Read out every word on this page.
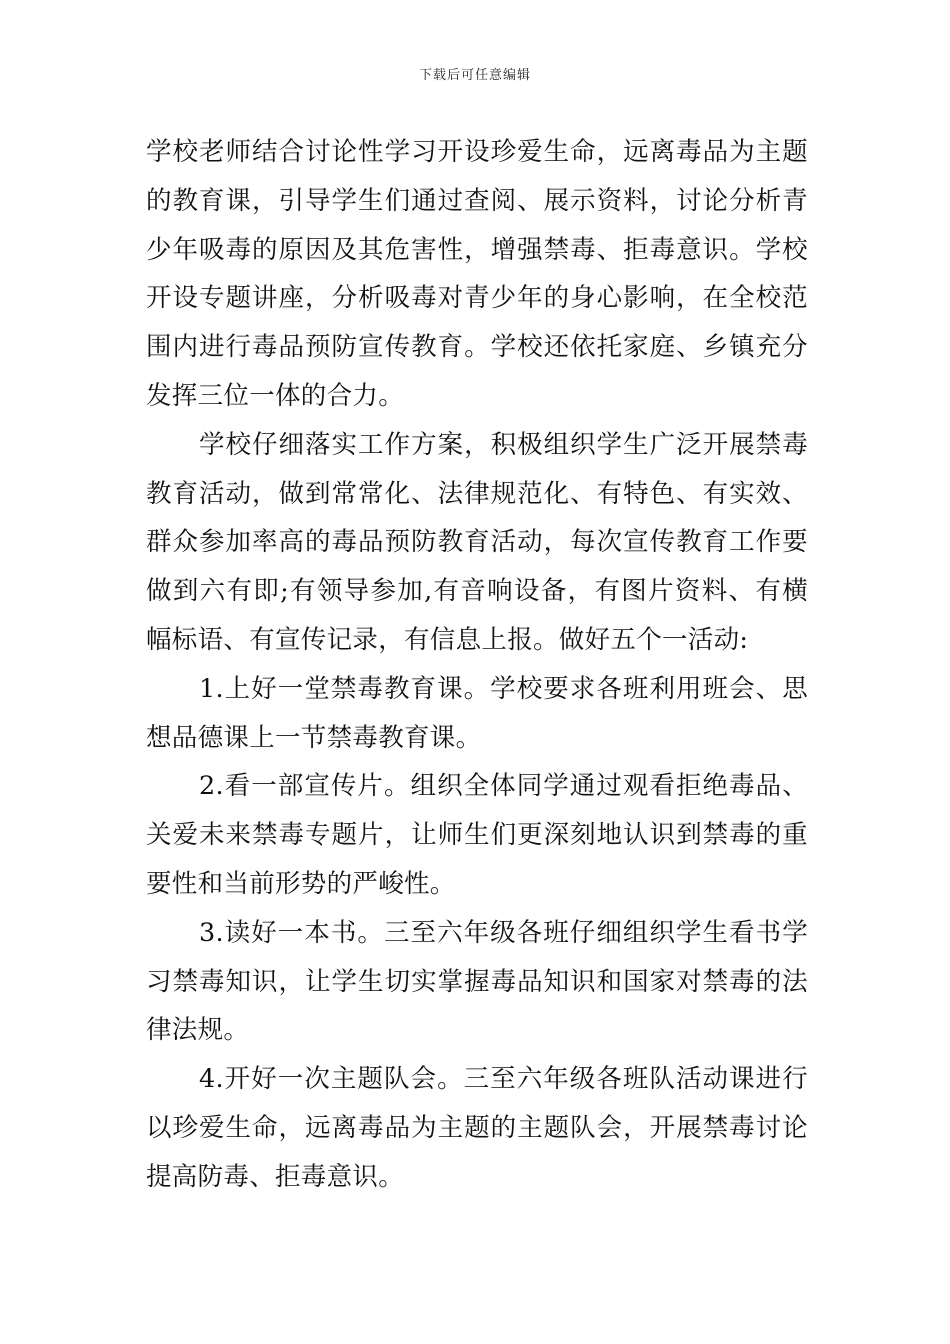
下载后可任意编辑

学校老师结合讨论性学习开设珍爱生命，远离毒品为主题的教育课，引导学生们通过查阅、展示资料，讨论分析青少年吸毒的原因及其危害性，增强禁毒、拒毒意识。学校开设专题讲座，分析吸毒对青少年的身心影响，在全校范围内进行毒品预防宣传教育。学校还依托家庭、乡镇充分发挥三位一体的合力。

学校仔细落实工作方案，积极组织学生广泛开展禁毒教育活动，做到常常化、法律规范化、有特色、有实效、群众参加率高的毒品预防教育活动，每次宣传教育工作要做到六有即;有领导参加,有音响设备，有图片资料、有横幅标语、有宣传记录，有信息上报。做好五个一活动:

1.上好一堂禁毒教育课。学校要求各班利用班会、思想品德课上一节禁毒教育课。

2.看一部宣传片。组织全体同学通过观看拒绝毒品、关爱未来禁毒专题片，让师生们更深刻地认识到禁毒的重要性和当前形势的严峻性。

3.读好一本书。三至六年级各班仔细组织学生看书学习禁毒知识，让学生切实掌握毒品知识和国家对禁毒的法律法规。

4.开好一次主题队会。三至六年级各班队活动课进行以珍爱生命，远离毒品为主题的主题队会，开展禁毒讨论提高防毒、拒毒意识。
